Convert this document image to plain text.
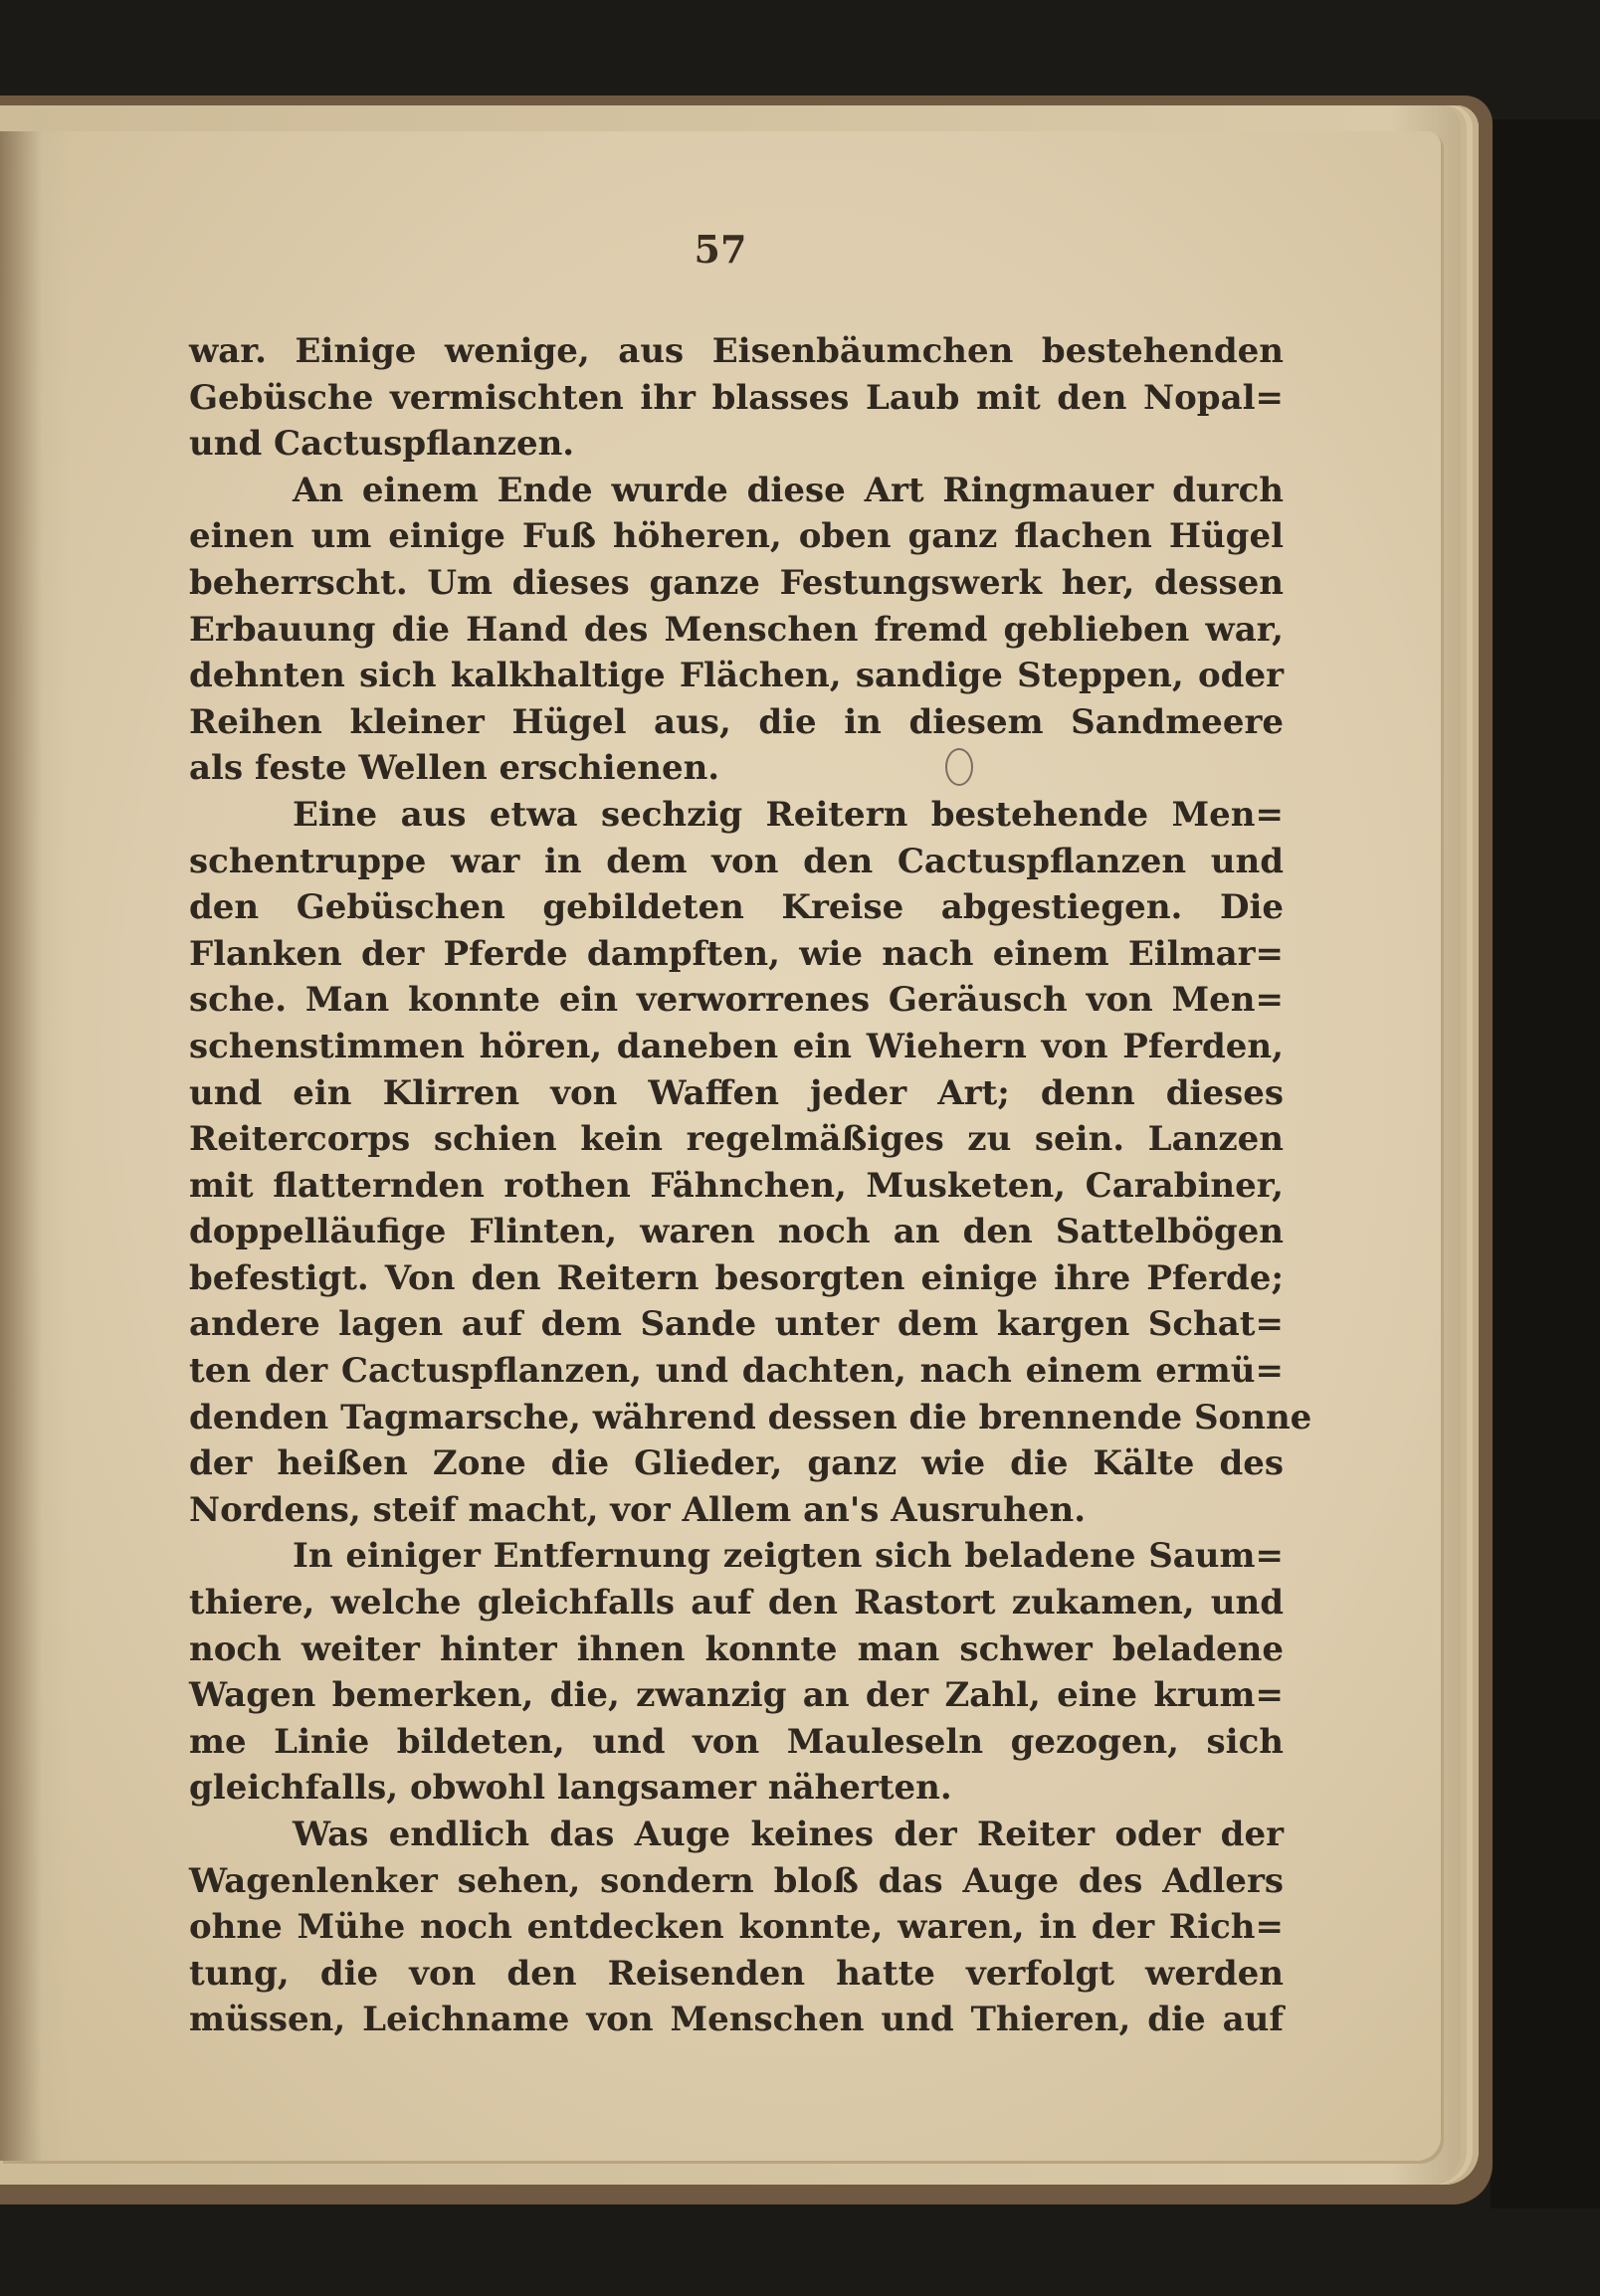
57
war. Einige wenige, aus Eisenbäumchen bestehenden
Gebüsche vermischten ihr blasses Laub mit den Nopal=
und Cactuspflanzen.
An einem Ende wurde diese Art Ringmauer durch
einen um einige Fuß höheren, oben ganz flachen Hügel
beherrscht. Um dieses ganze Festungswerk her, dessen
Erbauung die Hand des Menschen fremd geblieben war,
dehnten sich kalkhaltige Flächen, sandige Steppen, oder
Reihen kleiner Hügel aus, die in diesem Sandmeere
als feste Wellen erschienen.
Eine aus etwa sechzig Reitern bestehende Men=
schentruppe war in dem von den Cactuspflanzen und
den Gebüschen gebildeten Kreise abgestiegen. Die
Flanken der Pferde dampften, wie nach einem Eilmar=
sche. Man konnte ein verworrenes Geräusch von Men=
schenstimmen hören, daneben ein Wiehern von Pferden,
und ein Klirren von Waffen jeder Art; denn dieses
Reitercorps schien kein regelmäßiges zu sein. Lanzen
mit flatternden rothen Fähnchen, Musketen, Carabiner,
doppelläufige Flinten, waren noch an den Sattelbögen
befestigt. Von den Reitern besorgten einige ihre Pferde;
andere lagen auf dem Sande unter dem kargen Schat=
ten der Cactuspflanzen, und dachten, nach einem ermü=
denden Tagmarsche, während dessen die brennende Sonne
der heißen Zone die Glieder, ganz wie die Kälte des
Nordens, steif macht, vor Allem an's Ausruhen.
In einiger Entfernung zeigten sich beladene Saum=
thiere, welche gleichfalls auf den Rastort zukamen, und
noch weiter hinter ihnen konnte man schwer beladene
Wagen bemerken, die, zwanzig an der Zahl, eine krum=
me Linie bildeten, und von Mauleseln gezogen, sich
gleichfalls, obwohl langsamer näherten.
Was endlich das Auge keines der Reiter oder der
Wagenlenker sehen, sondern bloß das Auge des Adlers
ohne Mühe noch entdecken konnte, waren, in der Rich=
tung, die von den Reisenden hatte verfolgt werden
müssen, Leichname von Menschen und Thieren, die auf
